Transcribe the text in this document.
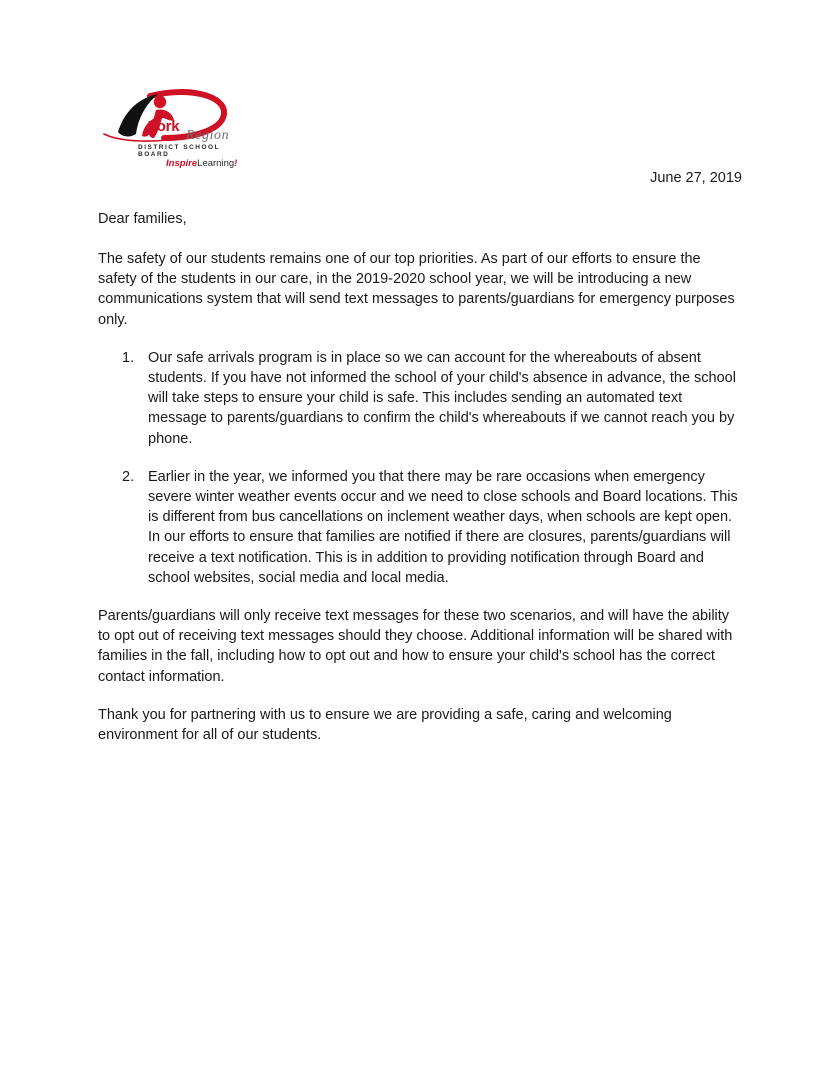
York
Region
DISTRICT SCHOOL BOARD
InspireLearning!
June 27, 2019

Dear families,

The safety of our students remains one of our top priorities. As part of our efforts to ensure the safety of the students in our care, in the 2019-2020 school year, we will be introducing a new communications system that will send text messages to parents/guardians for emergency purposes only.

1. Our safe arrivals program is in place so we can account for the whereabouts of absent students. If you have not informed the school of your child's absence in advance, the school will take steps to ensure your child is safe. This includes sending an automated text message to parents/guardians to confirm the child's whereabouts if we cannot reach you by phone.
2. Earlier in the year, we informed you that there may be rare occasions when emergency severe winter weather events occur and we need to close schools and Board locations. This is different from bus cancellations on inclement weather days, when schools are kept open. In our efforts to ensure that families are notified if there are closures, parents/guardians will receive a text notification. This is in addition to providing notification through Board and school websites, social media and local media.

Parents/guardians will only receive text messages for these two scenarios, and will have the ability to opt out of receiving text messages should they choose. Additional information will be shared with families in the fall, including how to opt out and how to ensure your child's school has the correct contact information.

Thank you for partnering with us to ensure we are providing a safe, caring and welcoming environment for all of our students.
